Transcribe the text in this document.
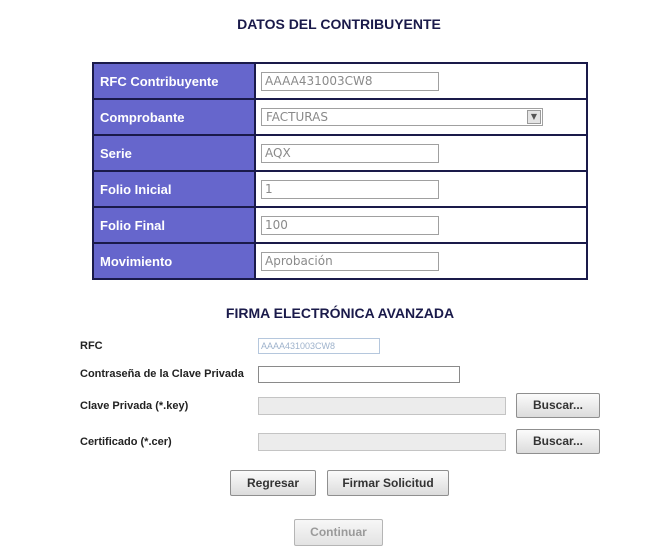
DATOS DEL CONTRIBUYENTE
RFC Contribuyente	AAAA431003CW8
Comprobante	FACTURAS ▼

Serie	AQX
Folio Inicial	1
Folio Final	100
Movimiento	Aprobación
FIRMA ELECTRÓNICA AVANZADA
RFC	AAAA431003CW8
Contraseña de la Clave Privada
Clave Privada (*.key)	Buscar...
Certificado (*.cer)	Buscar...
Regresar	Firmar Solicitud
Continuar
